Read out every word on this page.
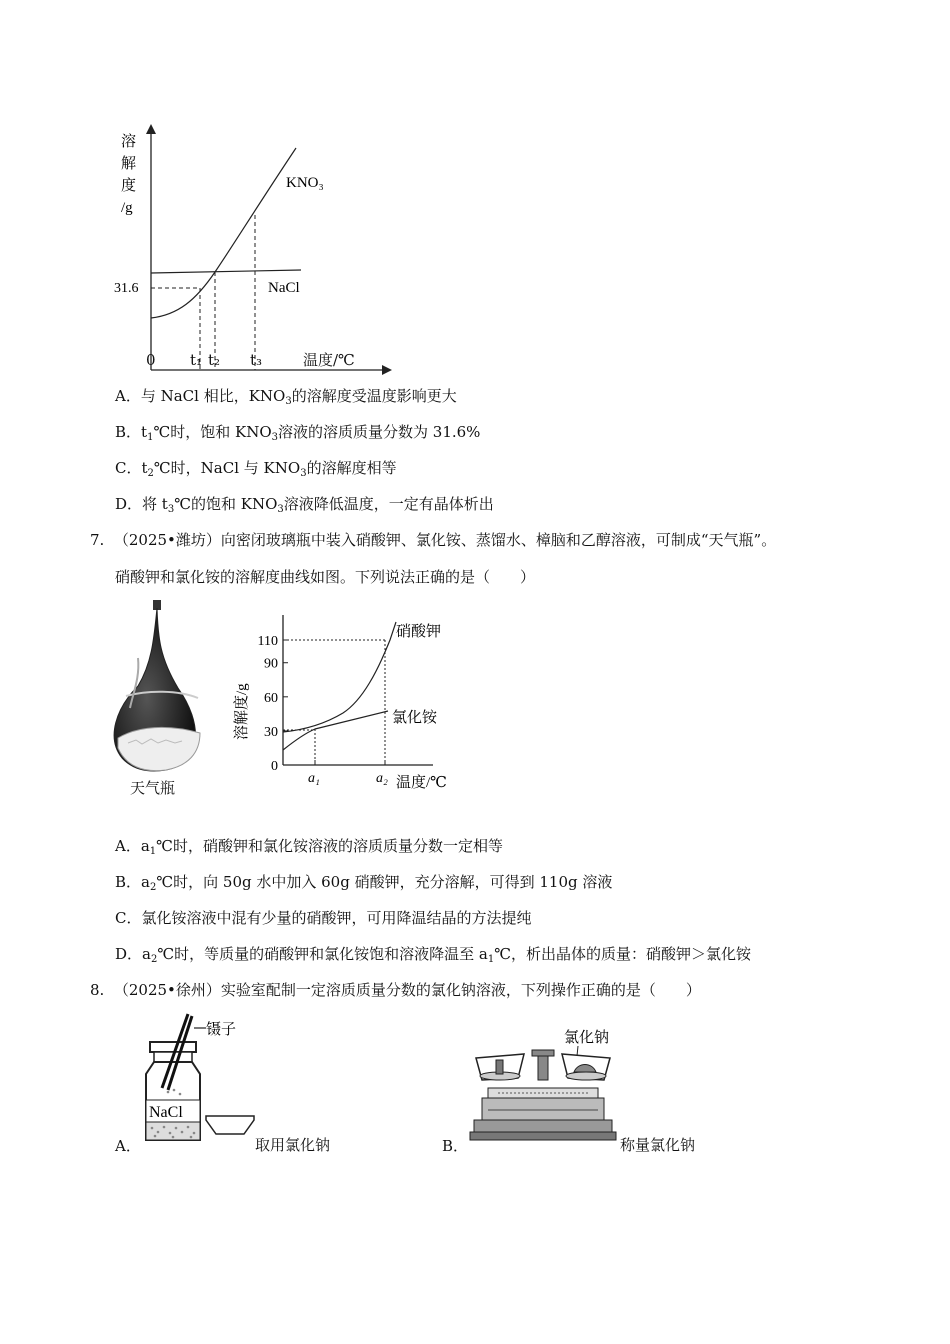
溶
解
度
/g
31.6
KNO₃
NaCl
0 t₁ t₂ t₃	温度/℃
A．与 NaCl 相比，$KNO_3$的溶解度受温度影响更大
B．$t_1℃$时，饱和 $KNO_3$溶液的溶质质量分数为 31.6%
C．$t_2℃$时，NaCl 与 $KNO_3$的溶解度相等
D．将 $t_3℃$的饱和 $KNO_3$溶液降低温度，一定有晶体析出
7. （2025•潍坊）向密闭玻璃瓶中装入硝酸钾、氯化铵、蒸馏水、樟脑和乙醇溶液，可制成“天气瓶”。
硝酸钾和氯化铵的溶解度曲线如图。下列说法正确的是（　　）
天气瓶
溶解度/g
110
90
60
30
0
a₁	a₂ 温度/℃
硝酸钾
氯化铵
A．$a_1℃$时，硝酸钾和氯化铵溶液的溶质质量分数一定相等
B．$a_2℃$时，向 50g 水中加入 60g 硝酸钾，充分溶解，可得到 110g 溶液
C．氯化铵溶液中混有少量的硝酸钾，可用降温结晶的方法提纯
D．$a_2℃$时，等质量的硝酸钾和氯化铵饱和溶液降温至 $a_1℃$，析出晶体的质量：硝酸钾＞氯化铵
8. （2025•徐州）实验室配制一定溶质质量分数的氯化钠溶液，下列操作正确的是（　　）
A．
镊子
NaCl
取用氯化钠	B．
氯化钠
称量氯化钠
